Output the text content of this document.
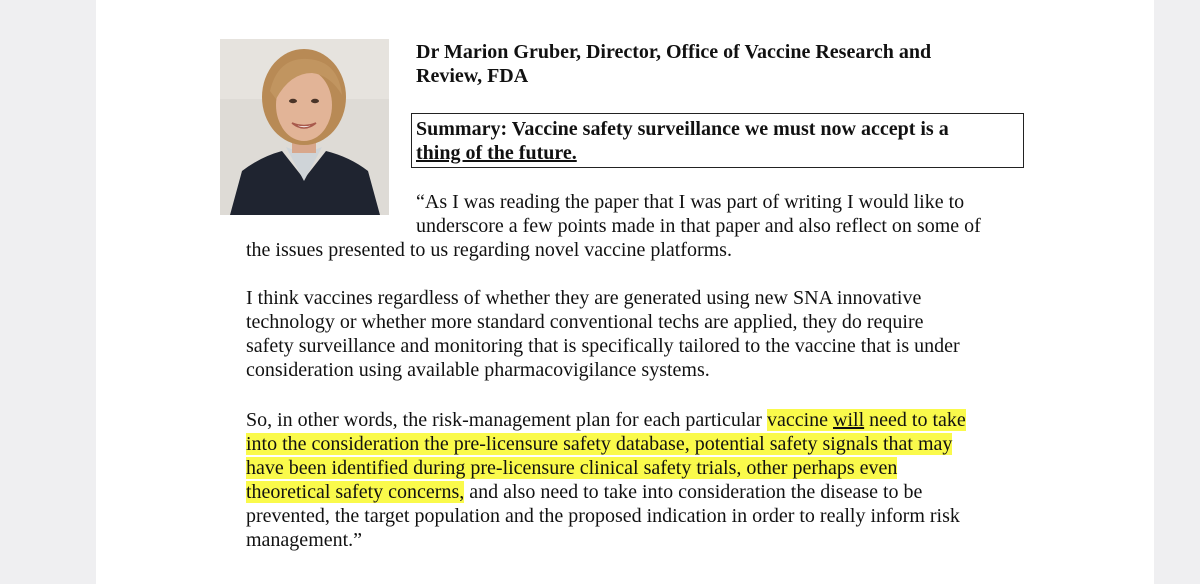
Dr Marion Gruber, Director, Office of Vaccine Research and
Review, FDA
Summary: Vaccine safety surveillance we must now accept is a
thing of the future.
“As I was reading the paper that I was part of writing I would like to
underscore a few points made in that paper and also reflect on some of
the issues presented to us regarding novel vaccine platforms.
I think vaccines regardless of whether they are generated using new SNA innovative
technology or whether more standard conventional techs are applied, they do require
safety surveillance and monitoring that is specifically tailored to the vaccine that is under
consideration using available pharmacovigilance systems.
So, in other words, the risk-management plan for each particular vaccine will need to take
into the consideration the pre-licensure safety database, potential safety signals that may
have been identified during pre-licensure clinical safety trials, other perhaps even
theoretical safety concerns, and also need to take into consideration the disease to be
prevented, the target population and the proposed indication in order to really inform risk
management.”
